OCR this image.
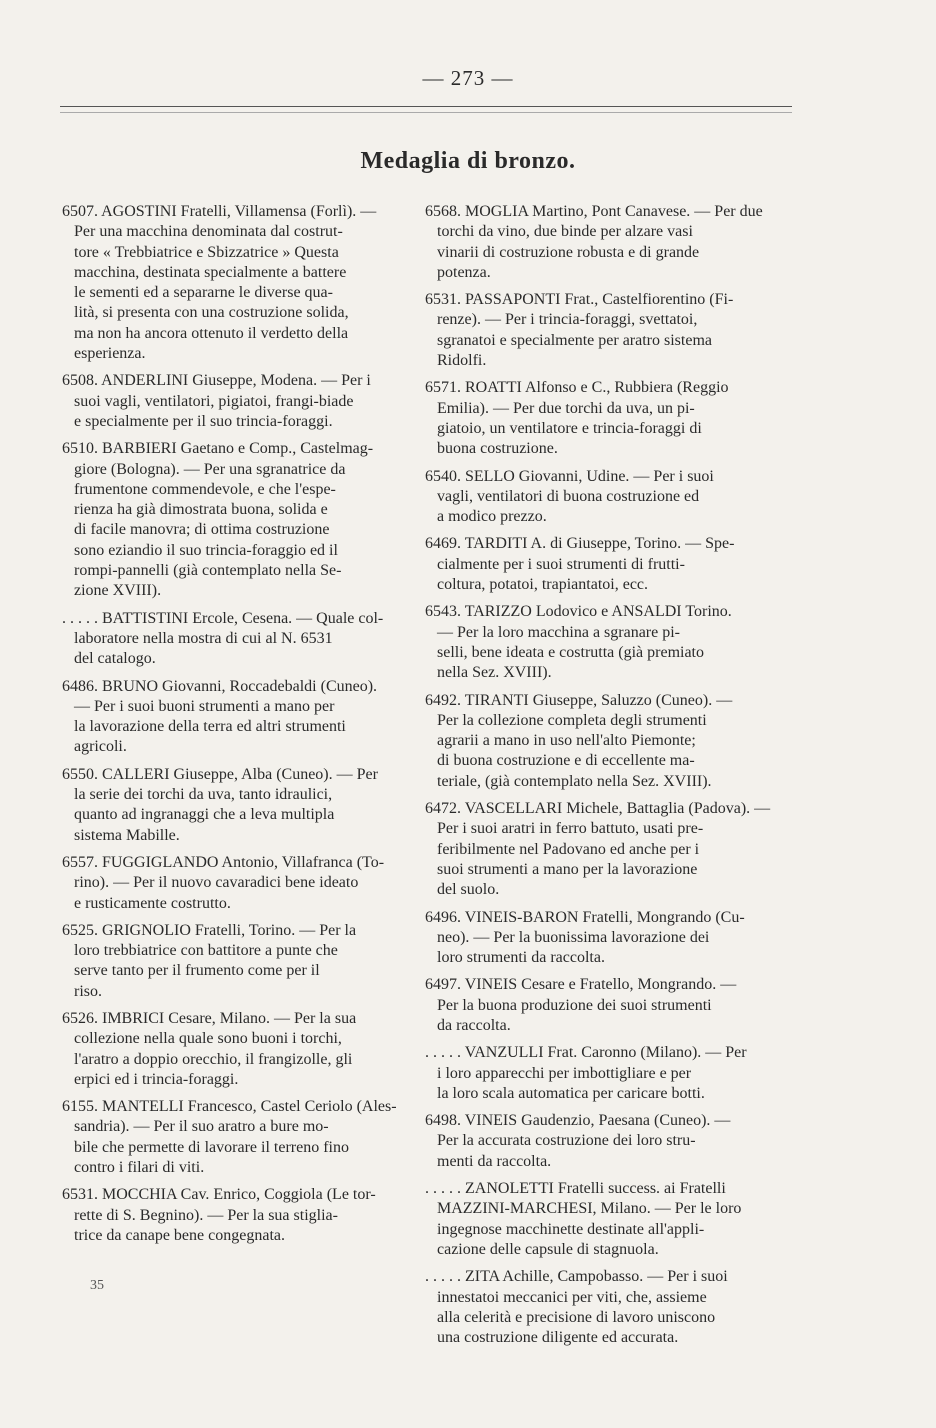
— 273 —
Medaglia di bronzo.
6507. AGOSTINI Fratelli, Villamensa (Forlì). —
Per una macchina denominata dal costrut-
tore « Trebbiatrice e Sbizzatrice » Questa
macchina, destinata specialmente a battere
le sementi ed a separarne le diverse qua-
lità, si presenta con una costruzione solida,
ma non ha ancora ottenuto il verdetto della
esperienza.
6508. ANDERLINI Giuseppe, Modena. — Per i
suoi vagli, ventilatori, pigiatoi, frangi-biade
e specialmente per il suo trincia-foraggi.
6510. BARBIERI Gaetano e Comp., Castelmag-
giore (Bologna). — Per una sgranatrice da
frumentone commendevole, e che l'espe-
rienza ha già dimostrata buona, solida e
di facile manovra; di ottima costruzione
sono eziandio il suo trincia-foraggio ed il
rompi-pannelli (già contemplato nella Se-
zione XVIII).
. . . . . BATTISTINI Ercole, Cesena. — Quale col-
laboratore nella mostra di cui al N. 6531
del catalogo.
6486. BRUNO Giovanni, Roccadebaldi (Cuneo).
— Per i suoi buoni strumenti a mano per
la lavorazione della terra ed altri strumenti
agricoli.
6550. CALLERI Giuseppe, Alba (Cuneo). — Per
la serie dei torchi da uva, tanto idraulici,
quanto ad ingranaggi che a leva multipla
sistema Mabille.
6557. FUGGIGLANDO Antonio, Villafranca (To-
rino). — Per il nuovo cavaradici bene ideato
e rusticamente costrutto.
6525. GRIGNOLIO Fratelli, Torino. — Per la
loro trebbiatrice con battitore a punte che
serve tanto per il frumento come per il
riso.
6526. IMBRICI Cesare, Milano. — Per la sua
collezione nella quale sono buoni i torchi,
l'aratro a doppio orecchio, il frangizolle, gli
erpici ed i trincia-foraggi.
6155. MANTELLI Francesco, Castel Ceriolo (Ales-
sandria). — Per il suo aratro a bure mo-
bile che permette di lavorare il terreno fino
contro i filari di viti.
6531. MOCCHIA Cav. Enrico, Coggiola (Le tor-
rette di S. Begnino). — Per la sua stiglia-
trice da canape bene congegnata.
6568. MOGLIA Martino, Pont Canavese. — Per due
torchi da vino, due binde per alzare vasi
vinarii di costruzione robusta e di grande
potenza.
6531. PASSAPONTI Frat., Castelfiorentino (Fi-
renze). — Per i trincia-foraggi, svettatoi,
sgranatoi e specialmente per aratro sistema
Ridolfi.
6571. ROATTI Alfonso e C., Rubbiera (Reggio
Emilia). — Per due torchi da uva, un pi-
giatoio, un ventilatore e trincia-foraggi di
buona costruzione.
6540. SELLO Giovanni, Udine. — Per i suoi
vagli, ventilatori di buona costruzione ed
a modico prezzo.
6469. TARDITI A. di Giuseppe, Torino. — Spe-
cialmente per i suoi strumenti di frutti-
coltura, potatoi, trapiantatoi, ecc.
6543. TARIZZO Lodovico e ANSALDI Torino.
— Per la loro macchina a sgranare pi-
selli, bene ideata e costrutta (già premiato
nella Sez. XVIII).
6492. TIRANTI Giuseppe, Saluzzo (Cuneo). —
Per la collezione completa degli strumenti
agrarii a mano in uso nell'alto Piemonte;
di buona costruzione e di eccellente ma-
teriale, (già contemplato nella Sez. XVIII).
6472. VASCELLARI Michele, Battaglia (Padova). —
Per i suoi aratri in ferro battuto, usati pre-
feribilmente nel Padovano ed anche per i
suoi strumenti a mano per la lavorazione
del suolo.
6496. VINEIS-BARON Fratelli, Mongrando (Cu-
neo). — Per la buonissima lavorazione dei
loro strumenti da raccolta.
6497. VINEIS Cesare e Fratello, Mongrando. —
Per la buona produzione dei suoi strumenti
da raccolta.
. . . . . VANZULLI Frat. Caronno (Milano). — Per
i loro apparecchi per imbottigliare e per
la loro scala automatica per caricare botti.
6498. VINEIS Gaudenzio, Paesana (Cuneo). —
Per la accurata costruzione dei loro stru-
menti da raccolta.
. . . . . ZANOLETTI Fratelli success. ai Fratelli
MAZZINI-MARCHESI, Milano. — Per le loro
ingegnose macchinette destinate all'appli-
cazione delle capsule di stagnuola.
. . . . . ZITA Achille, Campobasso. — Per i suoi
innestatoi meccanici per viti, che, assieme
alla celerità e precisione di lavoro uniscono
una costruzione diligente ed accurata.
35
